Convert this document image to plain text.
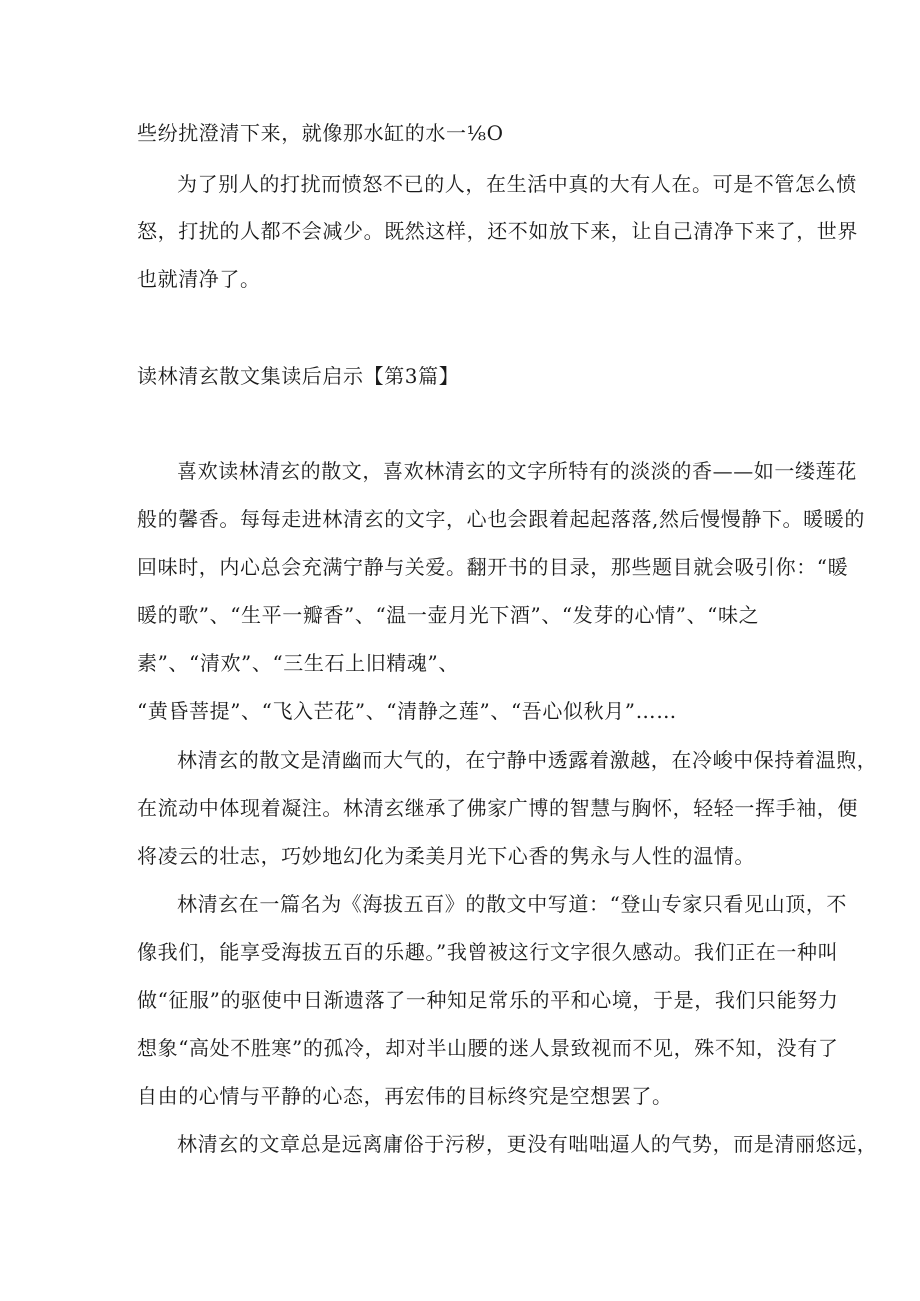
些纷扰澄清下来，就像那水缸的水一⅛O
为了别人的打扰而愤怒不已的人，在生活中真的大有人在。可是不管怎么愤
怒，打扰的人都不会减少。既然这样，还不如放下来，让自己清净下来了，世界
也就清净了。
读林清玄散文集读后启示【第3篇】
喜欢读林清玄的散文，喜欢林清玄的文字所特有的淡淡的香——如一缕莲花
般的馨香。每每走进林清玄的文字，心也会跟着起起落落,然后慢慢静下。暖暖的
回味时，内心总会充满宁静与关爱。翻开书的目录，那些题目就会吸引你：“暖
暖的歌”、“生平一瓣香”、“温一壶月光下酒”、“发芽的心情”、“味之
素”、“清欢”、“三生石上旧精魂”、
“黄昏菩提”、“飞入芒花”、“清静之莲”、“吾心似秋月”……
林清玄的散文是清幽而大气的，在宁静中透露着激越，在冷峻中保持着温煦，
在流动中体现着凝注。林清玄继承了佛家广博的智慧与胸怀，轻轻一挥手袖，便
将凌云的壮志，巧妙地幻化为柔美月光下心香的隽永与人性的温情。
林清玄在一篇名为《海拔五百》的散文中写道：“登山专家只看见山顶，不
像我们，能享受海拔五百的乐趣。”我曾被这行文字很久感动。我们正在一种叫
做“征服”的驱使中日渐遗落了一种知足常乐的平和心境，于是，我们只能努力
想象“高处不胜寒”的孤冷，却对半山腰的迷人景致视而不见，殊不知，没有了
自由的心情与平静的心态，再宏伟的目标终究是空想罢了。
林清玄的文章总是远离庸俗于污秽，更没有咄咄逼人的气势，而是清丽悠远，
